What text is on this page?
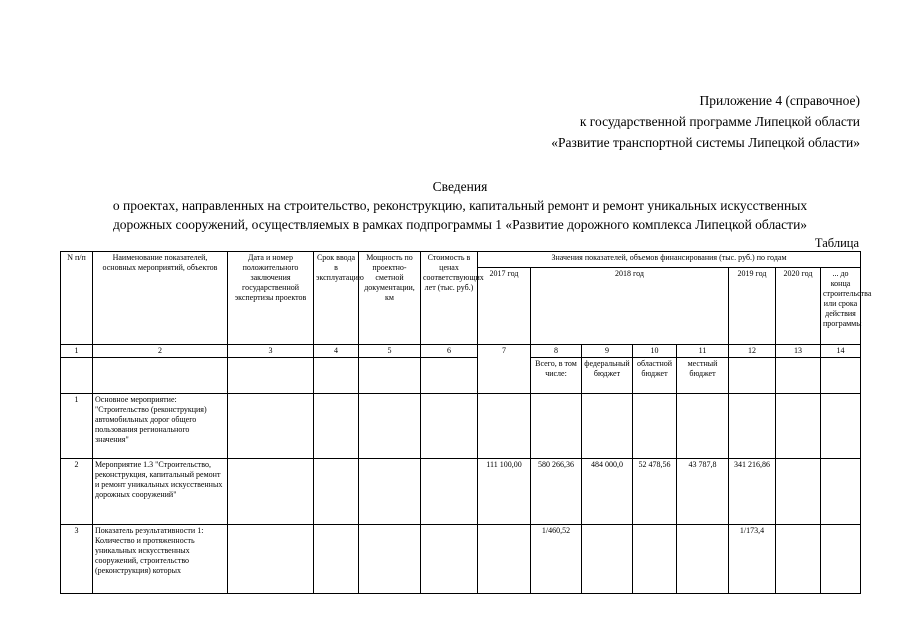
Приложение 4 (справочное)
к государственной программе Липецкой области
«Развитие транспортной системы Липецкой области»
Сведения
о проектах, направленных на строительство, реконструкцию, капитальный ремонт и ремонт уникальных искусственных
дорожных сооружений, осуществляемых в рамках подпрограммы 1 «Развитие дорожного комплекса Липецкой области»
Таблица
N п/п	Наименование показателей, основных мероприятий, объектов	Дата и номер положительного заключения государственной экспертизы проектов	Срок ввода в эксплуатацию	Мощность по проектно-сметной документации, км	Стоимость в ценах соответствующих лет (тыс. руб.)	Значения показателей, объемов финансирования (тыс. руб.) по годам							
						2017 год	2018 год				2019 год	2020 год	... до конца строительства или срока действия программы
1	2	3	4	5	6	7	8	9	10	11	12	13	14
							Всего, в том числе:	федеральный бюджет	областной бюджет	местный бюджет			
1	Основное мероприятие: "Строительство (реконструкция) автомобильных дорог общего пользования регионального значения"												
2	Мероприятие 1.3 "Строительство, реконструкция, капитальный ремонт и ремонт уникальных искусственных дорожных сооружений"					111 100,00	580 266,36	484 000,0	52 478,56	43 787,8	341 216,86		
3	Показатель результативности 1: Количество и протяженность уникальных искусственных сооружений, строительство (реконструкция) которых						1/460,52				1/173,4		
